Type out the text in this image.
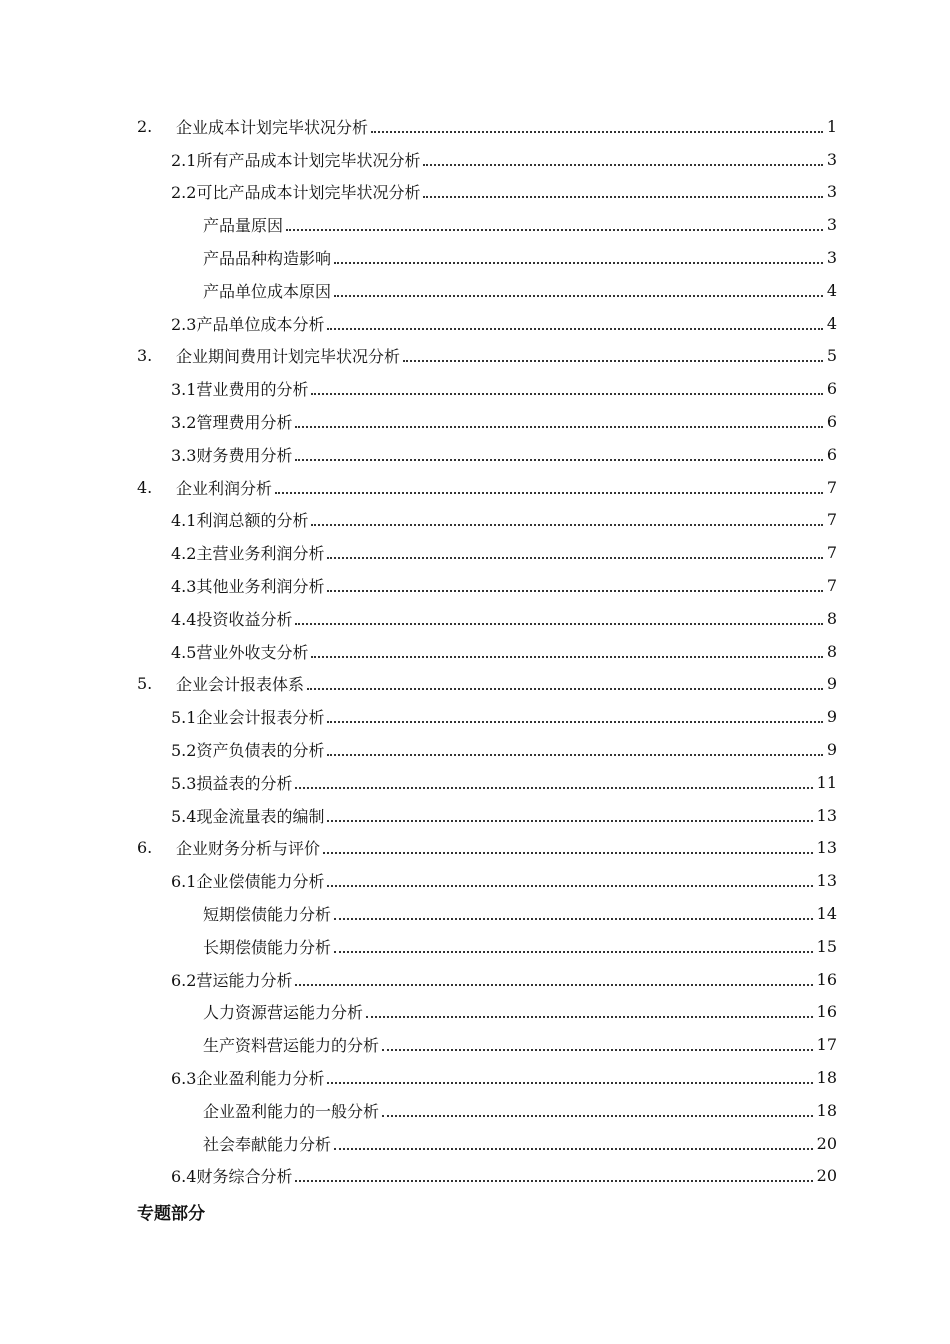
2. 企业成本计划完毕状况分析	1
2.1所有产品成本计划完毕状况分析	3
2.2可比产品成本计划完毕状况分析	3
产品量原因	3
产品品种构造影响	3
产品单位成本原因	4
2.3产品单位成本分析	4
3. 企业期间费用计划完毕状况分析	5
3.1营业费用的分析	6
3.2管理费用分析	6
3.3财务费用分析	6
4. 企业利润分析	7
4.1利润总额的分析	7
4.2主营业务利润分析	7
4.3其他业务利润分析	7
4.4投资收益分析	8
4.5营业外收支分析	8
5. 企业会计报表体系	9
5.1企业会计报表分析	9
5.2资产负债表的分析	9
5.3损益表的分析	11
5.4现金流量表的编制	13
6. 企业财务分析与评价	13
6.1企业偿债能力分析	13
短期偿债能力分析	14
长期偿债能力分析	15
6.2营运能力分析	16
人力资源营运能力分析	16
生产资料营运能力的分析	17
6.3企业盈利能力分析	18
企业盈利能力的一般分析	18
社会奉献能力分析	20
6.4财务综合分析	20
专题部分
